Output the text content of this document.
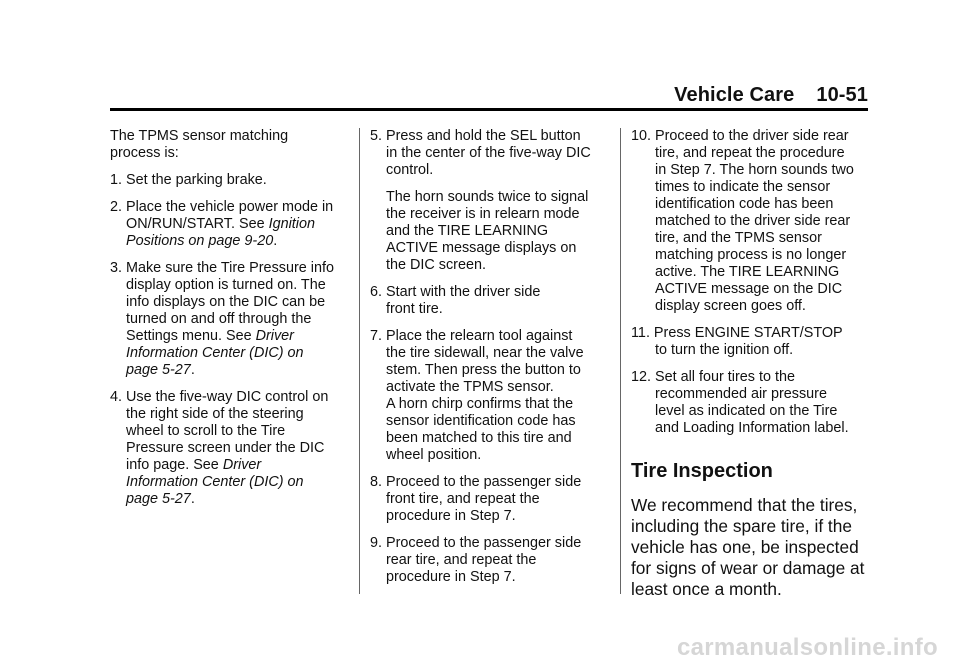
Vehicle Care 10-51
The TPMS sensor matching
process is:
1. Set the parking brake.
2. Place the vehicle power mode in
ON/RUN/START. See Ignition
Positions on page 9-20.
3. Make sure the Tire Pressure info
display option is turned on. The
info displays on the DIC can be
turned on and off through the
Settings menu. See Driver
Information Center (DIC) on
page 5-27.
4. Use the five-way DIC control on
the right side of the steering
wheel to scroll to the Tire
Pressure screen under the DIC
info page. See Driver
Information Center (DIC) on
page 5-27.
5. Press and hold the SEL button
in the center of the five-way DIC
control.
The horn sounds twice to signal
the receiver is in relearn mode
and the TIRE LEARNING
ACTIVE message displays on
the DIC screen.
6. Start with the driver side
front tire.
7. Place the relearn tool against
the tire sidewall, near the valve
stem. Then press the button to
activate the TPMS sensor.
A horn chirp confirms that the
sensor identification code has
been matched to this tire and
wheel position.
8. Proceed to the passenger side
front tire, and repeat the
procedure in Step 7.
9. Proceed to the passenger side
rear tire, and repeat the
procedure in Step 7.
10. Proceed to the driver side rear
tire, and repeat the procedure
in Step 7. The horn sounds two
times to indicate the sensor
identification code has been
matched to the driver side rear
tire, and the TPMS sensor
matching process is no longer
active. The TIRE LEARNING
ACTIVE message on the DIC
display screen goes off.
11. Press ENGINE START/STOP
to turn the ignition off.
12. Set all four tires to the
recommended air pressure
level as indicated on the Tire
and Loading Information label.
Tire Inspection
We recommend that the tires,
including the spare tire, if the
vehicle has one, be inspected
for signs of wear or damage at
least once a month.
carmanualsonline.info
